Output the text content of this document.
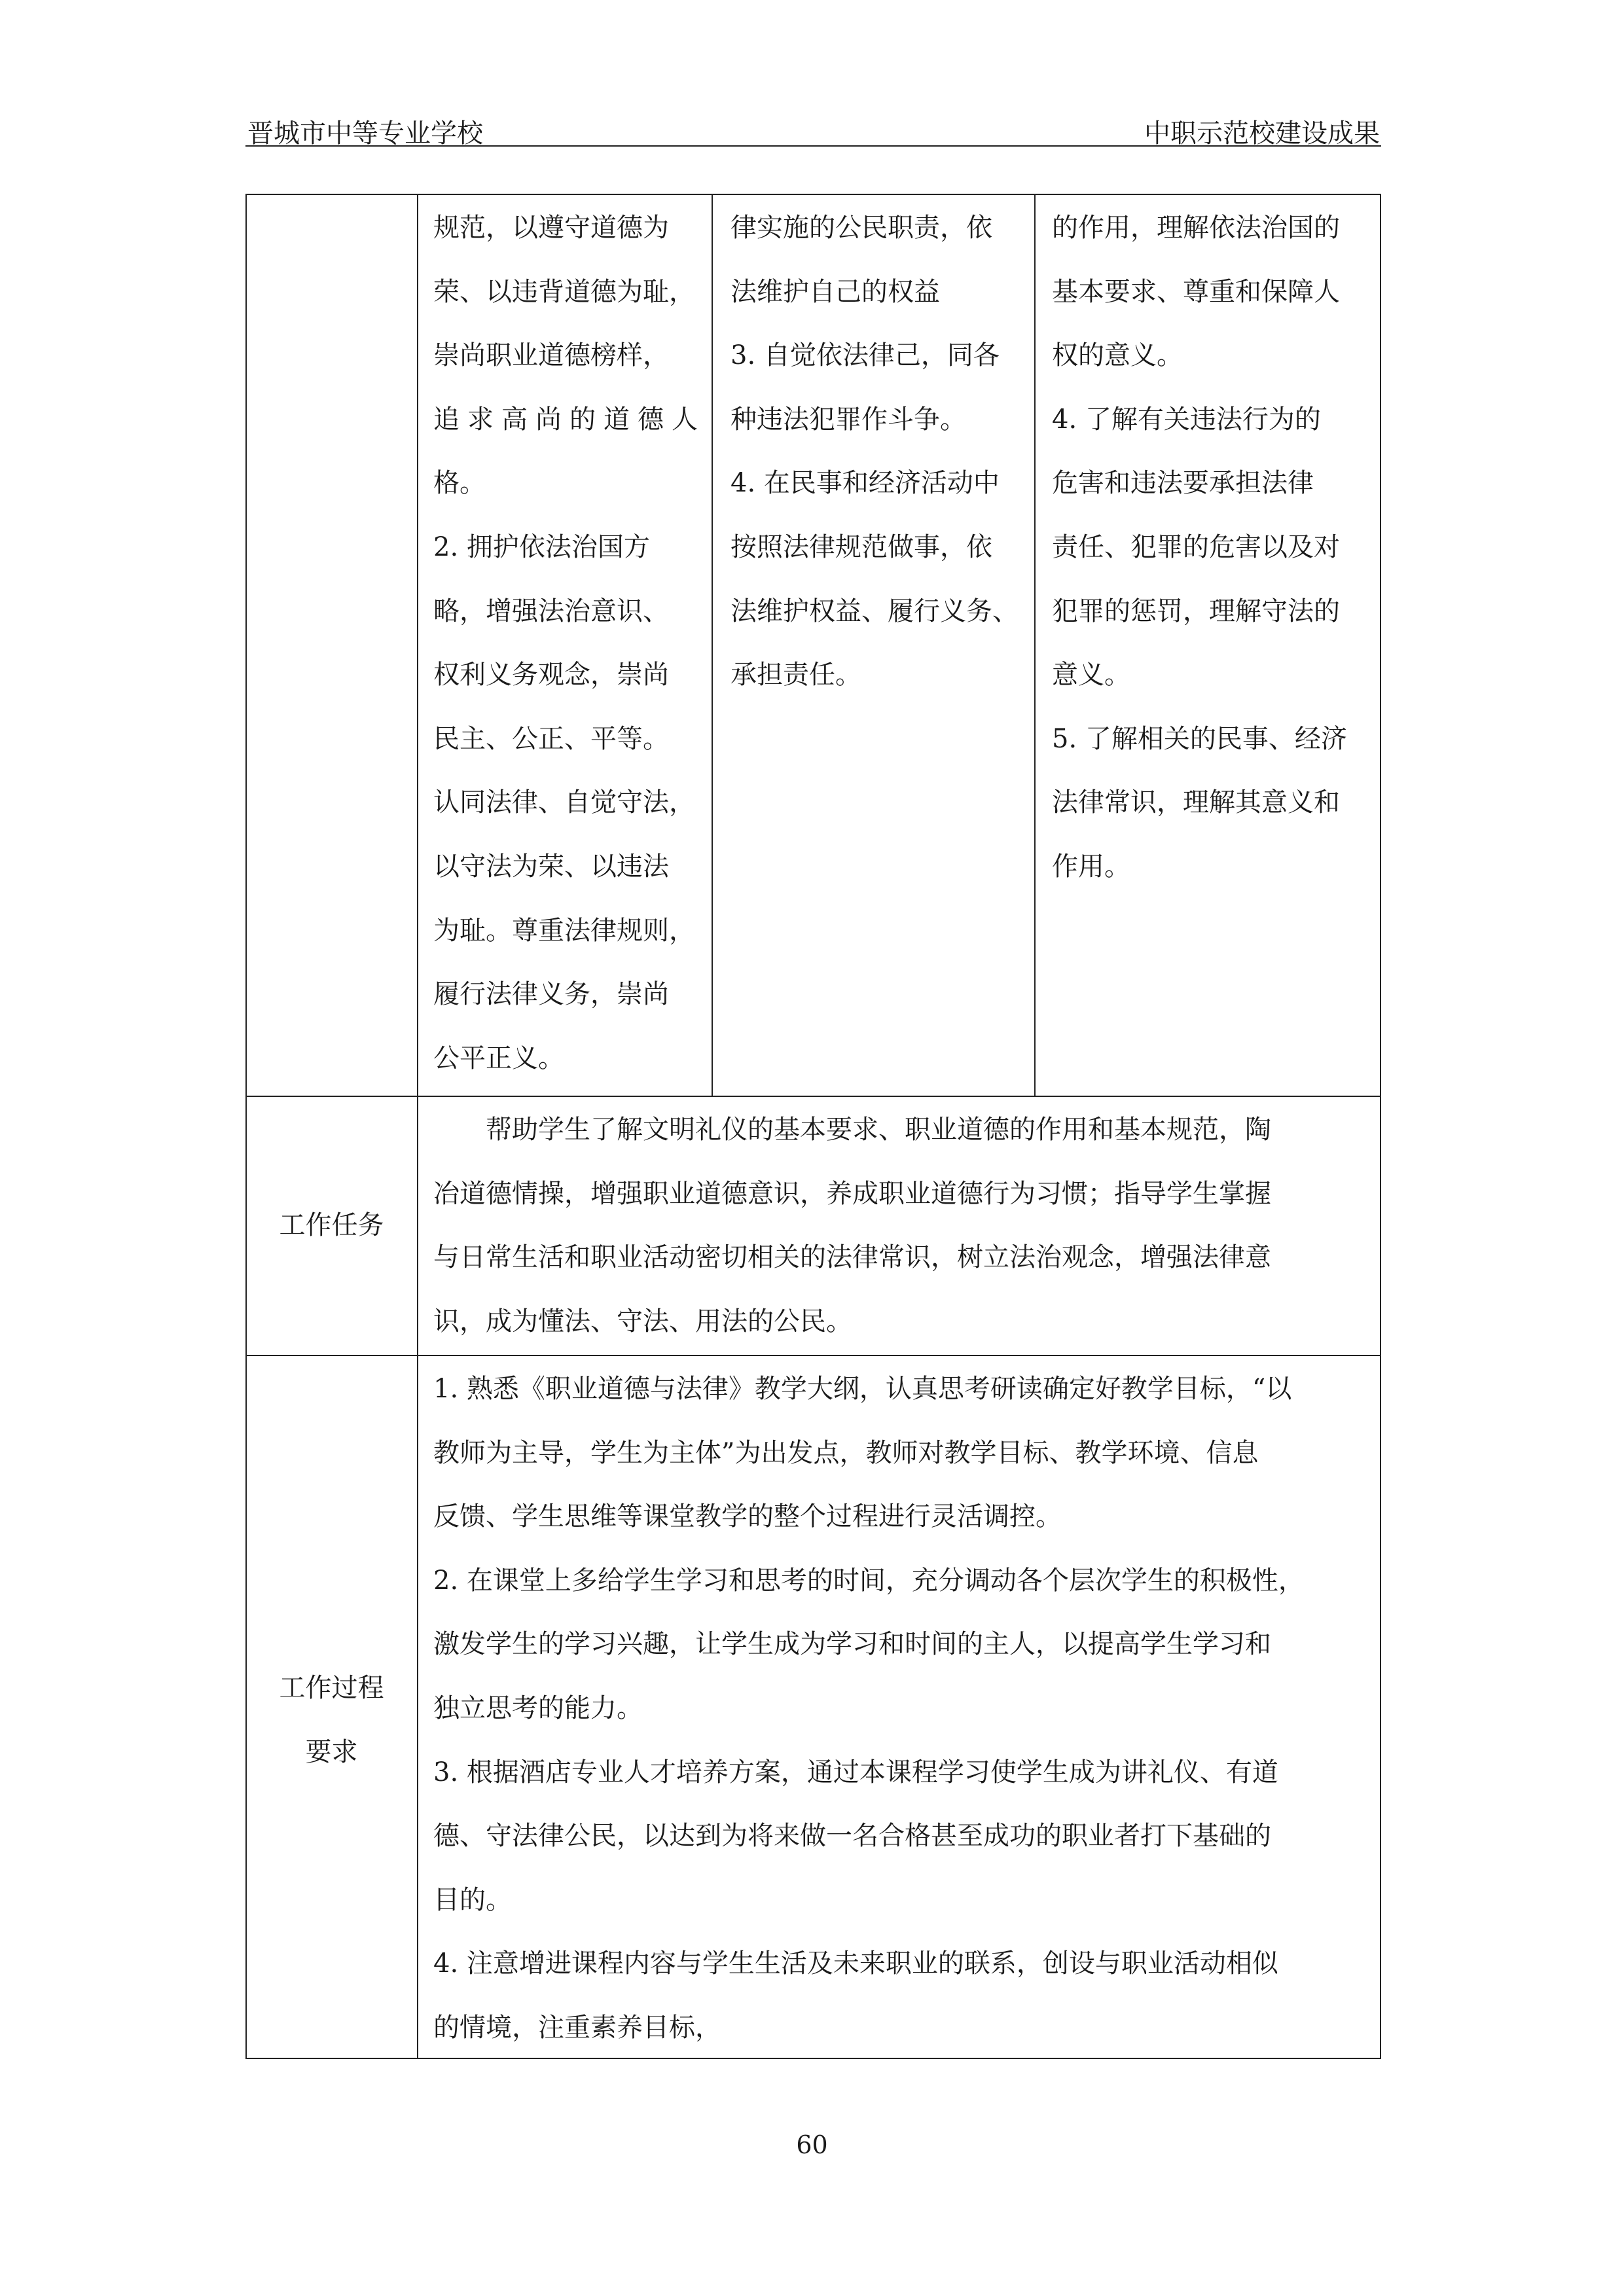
晋城市中等专业学校	中职示范校建设成果
规范，以遵守道德为
荣、以违背道德为耻，
崇尚职业道德榜样，
追求高尚的道德人
格。
2. 拥护依法治国方
略，增强法治意识、
权利义务观念，崇尚
民主、公正、平等。
认同法律、自觉守法，
以守法为荣、以违法
为耻。尊重法律规则，
履行法律义务，崇尚
公平正义。
律实施的公民职责，依
法维护自己的权益
3. 自觉依法律己，同各
种违法犯罪作斗争。
4. 在民事和经济活动中
按照法律规范做事，依
法维护权益、履行义务、
承担责任。
的作用，理解依法治国的
基本要求、尊重和保障人
权的意义。
4. 了解有关违法行为的
危害和违法要承担法律
责任、犯罪的危害以及对
犯罪的惩罚，理解守法的
意义。
5. 了解相关的民事、经济
法律常识，理解其意义和
作用。
工作任务
帮助学生了解文明礼仪的基本要求、职业道德的作用和基本规范，陶
冶道德情操，增强职业道德意识，养成职业道德行为习惯；指导学生掌握
与日常生活和职业活动密切相关的法律常识，树立法治观念，增强法律意
识，成为懂法、守法、用法的公民。
工作过程
要求
1. 熟悉《职业道德与法律》教学大纲，认真思考研读确定好教学目标，“以
教师为主导，学生为主体”为出发点，教师对教学目标、教学环境、信息
反馈、学生思维等课堂教学的整个过程进行灵活调控。
2. 在课堂上多给学生学习和思考的时间，充分调动各个层次学生的积极性，
激发学生的学习兴趣，让学生成为学习和时间的主人，以提高学生学习和
独立思考的能力。
3. 根据酒店专业人才培养方案，通过本课程学习使学生成为讲礼仪、有道
德、守法律公民，以达到为将来做一名合格甚至成功的职业者打下基础的
目的。
4. 注意增进课程内容与学生生活及未来职业的联系，创设与职业活动相似
的情境，注重素养目标，
60
